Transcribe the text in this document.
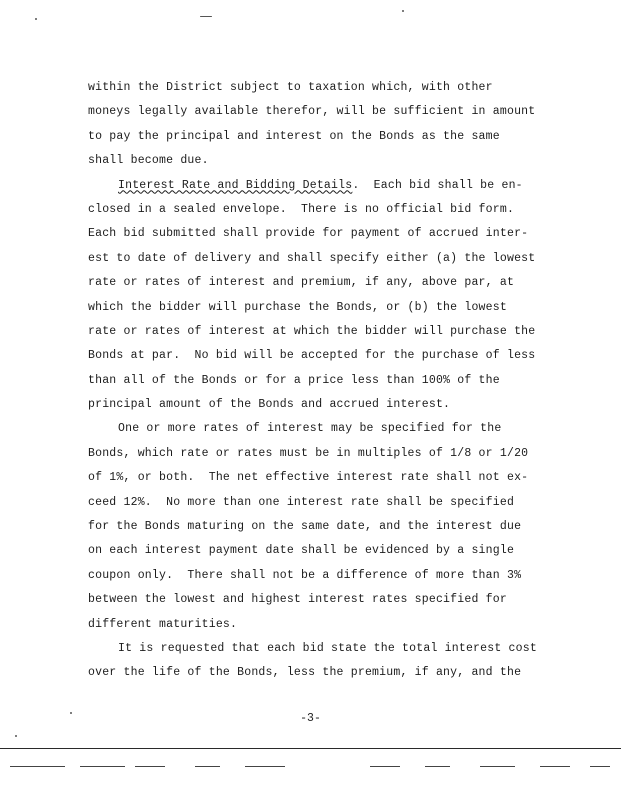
within the District subject to taxation which, with other
moneys legally available therefor, will be sufficient in amount
to pay the principal and interest on the Bonds as the same
shall become due.
Interest Rate and Bidding Details.  Each bid shall be en-
closed in a sealed envelope.  There is no official bid form.
Each bid submitted shall provide for payment of accrued inter-
est to date of delivery and shall specify either (a) the lowest
rate or rates of interest and premium, if any, above par, at
which the bidder will purchase the Bonds, or (b) the lowest
rate or rates of interest at which the bidder will purchase the
Bonds at par.  No bid will be accepted for the purchase of less
than all of the Bonds or for a price less than 100% of the
principal amount of the Bonds and accrued interest.
One or more rates of interest may be specified for the
Bonds, which rate or rates must be in multiples of 1/8 or 1/20
of 1%, or both.  The net effective interest rate shall not ex-
ceed 12%.  No more than one interest rate shall be specified
for the Bonds maturing on the same date, and the interest due
on each interest payment date shall be evidenced by a single
coupon only.  There shall not be a difference of more than 3%
between the lowest and highest interest rates specified for
different maturities.
It is requested that each bid state the total interest cost
over the life of the Bonds, less the premium, if any, and the
-3-
